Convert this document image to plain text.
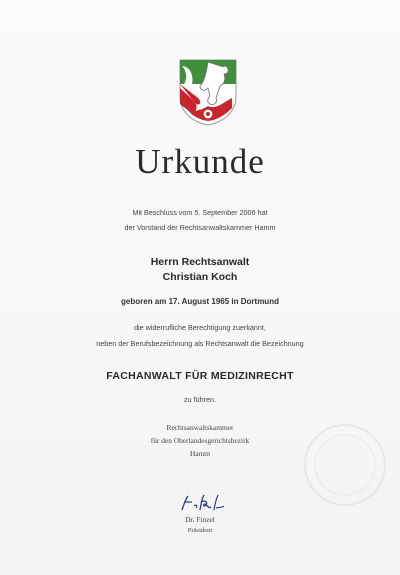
Urkunde
Mit Beschluss vom 5. September 2006 hat
der Vorstand der Rechtsanwaltskammer Hamm
Herrn Rechtsanwalt
Christian Koch
geboren am 17. August 1965 in Dortmund
die widerrufliche Berechtigung zuerkannt,
neben der Berufsbezeichnung als Rechtsanwalt die Bezeichnung
FACHANWALT FÜR MEDIZINRECHT
zu führen.
Rechtsanwaltskammer
für den Oberlandesgerichtsbezirk
Hamm
Dr. Finzel
Präsident
